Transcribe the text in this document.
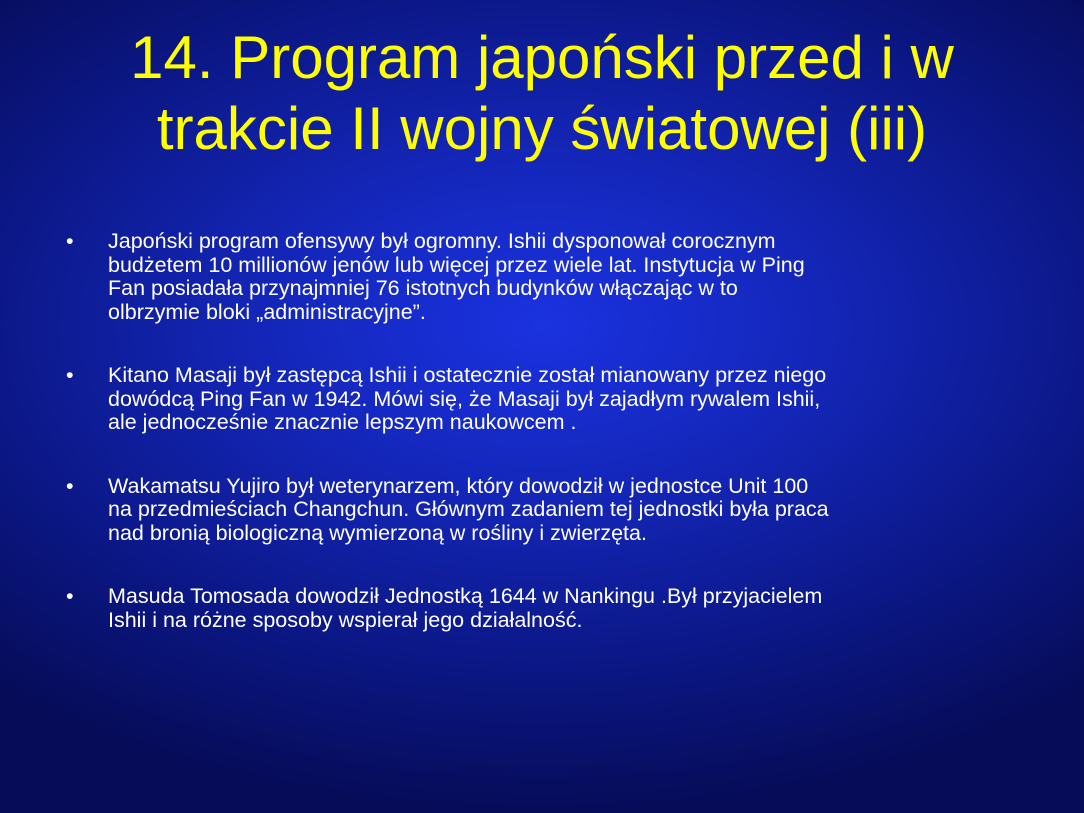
14. Program japoński przed i w
trakcie II wojny światowej (iii)
•	Japoński program ofensywy był ogromny. Ishii dysponował corocznym
budżetem 10 millionów jenów lub więcej przez wiele lat. Instytucja w Ping
Fan posiadała przynajmniej 76 istotnych budynków włączając w to
olbrzymie bloki „administracyjne”.
•	Kitano Masaji był zastępcą Ishii i ostatecznie został mianowany przez niego
dowódcą Ping Fan w 1942. Mówi się, że Masaji był zajadłym rywalem Ishii,
ale jednocześnie znacznie lepszym naukowcem .
•	Wakamatsu Yujiro był weterynarzem, który dowodził w jednostce Unit 100
na przedmieściach Changchun. Głównym zadaniem tej jednostki była praca
nad bronią biologiczną wymierzoną w rośliny i zwierzęta.
•	Masuda Tomosada dowodził Jednostką 1644 w Nankingu .Był przyjacielem
Ishii i na różne sposoby wspierał jego działalność.
